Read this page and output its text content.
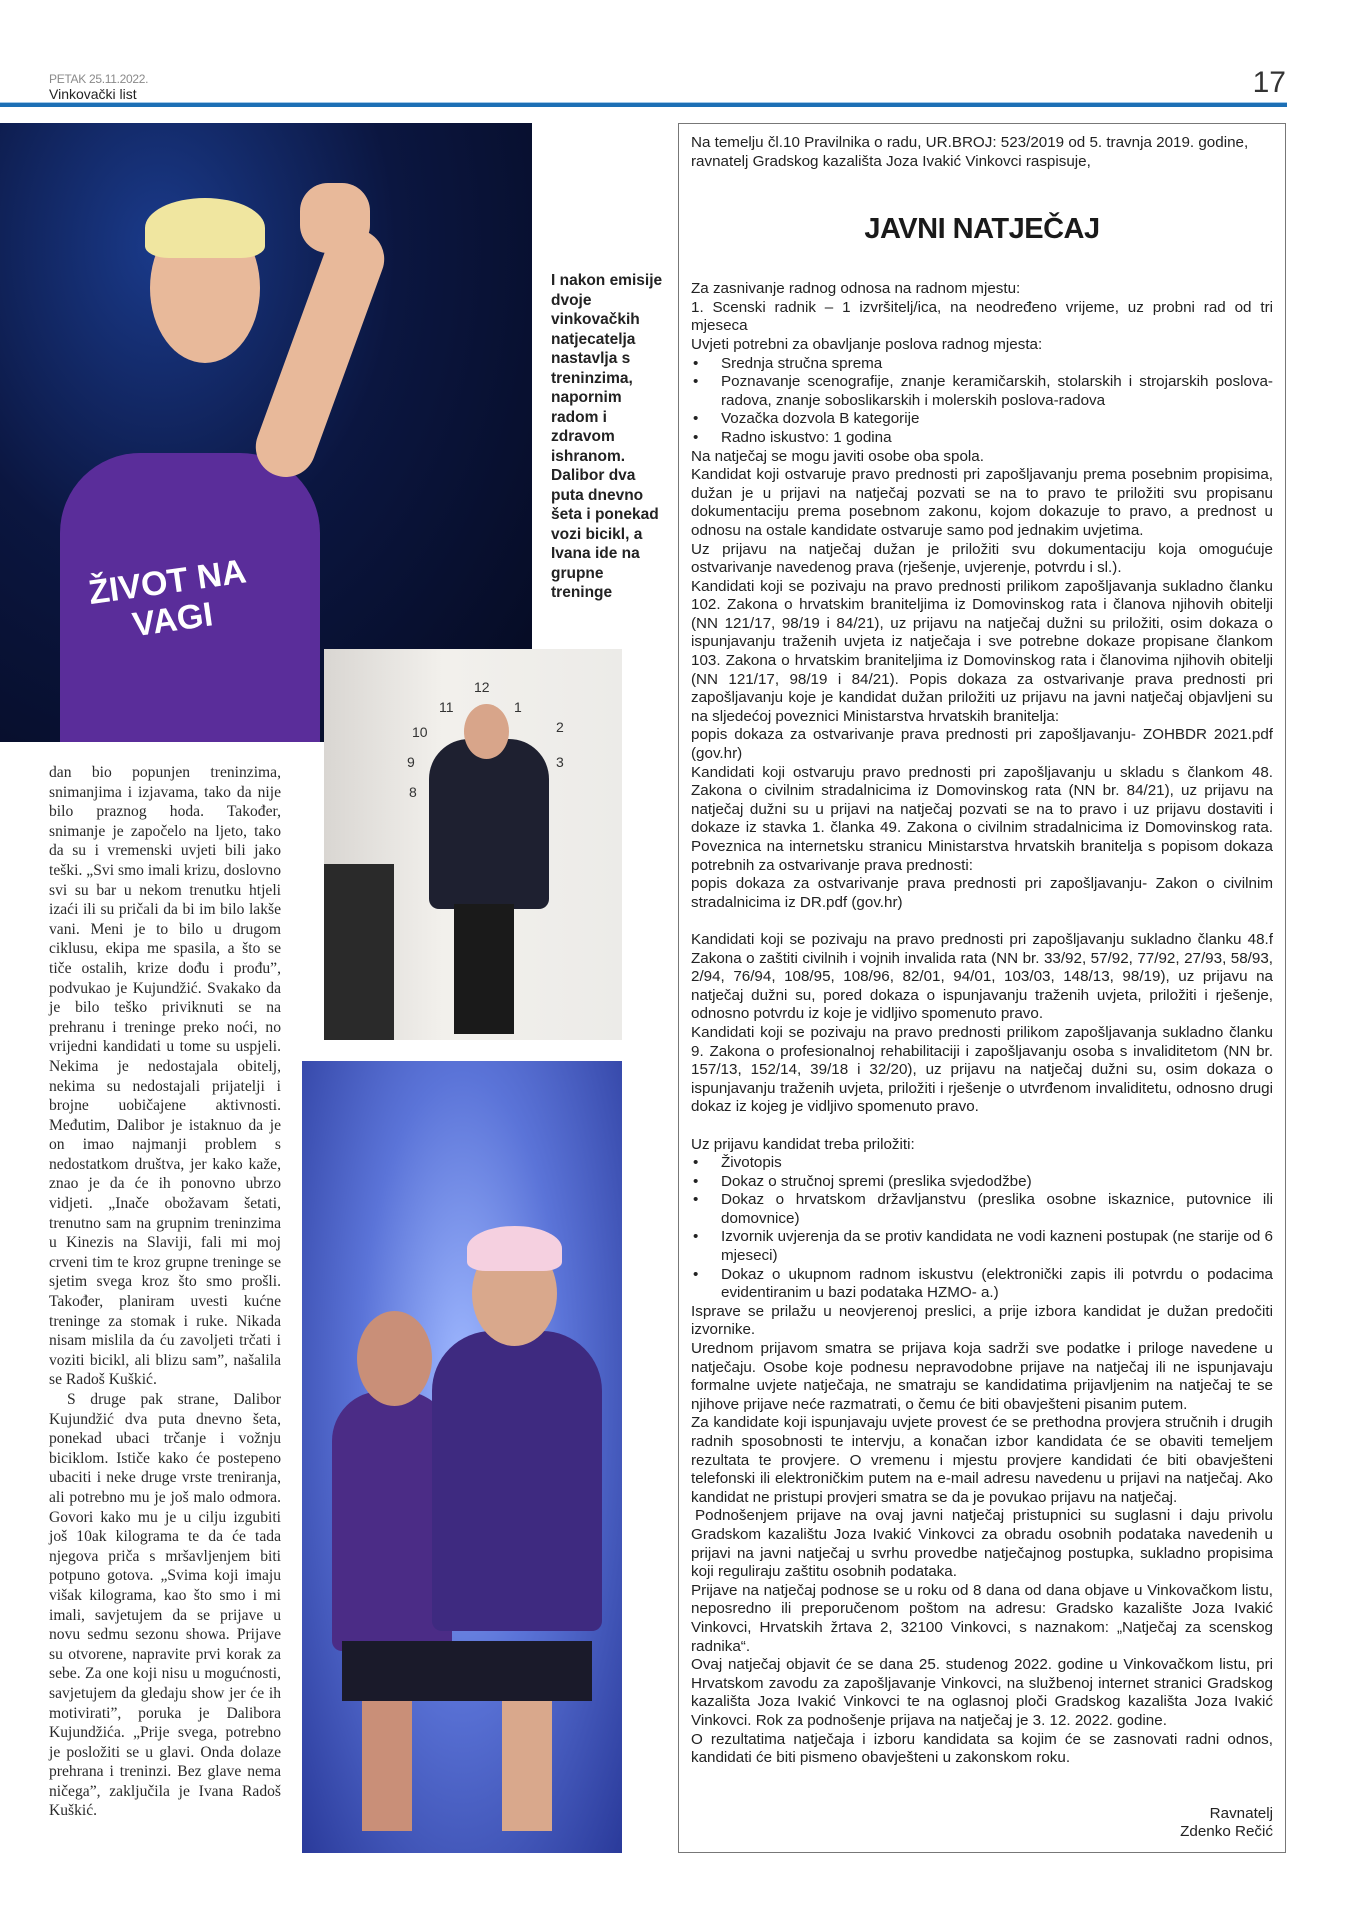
PETAK 25.11.2022.
Vinkovački list	17
ŽIVOT NA VAGI
I nakon emisije dvoje vinkovačkih natjecatelja nastavlja s treninzima, napornim radom i zdravom ishranom. Dalibor dva puta dnevno šeta i ponekad vozi bicikl, a Ivana ide na grupne treninge
12
1
2
3
8
9
10
11

dan bio popunjen treninzima, snimanjima i izjavama, tako da nije bilo praznog hoda. Također, snimanje je započelo na ljeto, tako da su i vremenski uvjeti bili jako teški. „Svi smo imali krizu, doslovno svi su bar u nekom trenutku htjeli izaći ili su pričali da bi im bilo lakše vani. Meni je to bilo u drugom ciklusu, ekipa me spasila, a što se tiče ostalih, krize dođu i prođu”, podvukao je Kujundžić. Svakako da je bilo teško priviknuti se na prehranu i treninge preko noći, no vrijedni kandidati u tome su uspjeli. Nekima je nedostajala obitelj, nekima su nedostajali prijatelji i brojne uobičajene aktivnosti. Međutim, Dalibor je istaknuo da je on imao najmanji problem s nedostatkom društva, jer kako kaže, znao je da će ih ponovno ubrzo vidjeti. „Inače obožavam šetati, trenutno sam na grupnim treninzima u Kinezis na Slaviji, fali mi moj crveni tim te kroz grupne treninge se sjetim svega kroz što smo prošli. Također, planiram uvesti kućne treninge za stomak i ruke. Nikada nisam mislila da ću zavoljeti trčati i voziti bicikl, ali blizu sam”, našalila se Radoš Kuškić.

S druge pak strane, Dalibor Kujundžić dva puta dnevno šeta, ponekad ubaci trčanje i vožnju biciklom. Ističe kako će postepeno ubaciti i neke druge vrste treniranja, ali potrebno mu je još malo odmora. Govori kako mu je u cilju izgubiti još 10ak kilograma te da će tada njegova priča s mršavljenjem biti potpuno gotova. „Svima koji imaju višak kilograma, kao što smo i mi imali, savjetujem da se prijave u novu sedmu sezonu showa. Prijave su otvorene, napravite prvi korak za sebe. Za one koji nisu u mogućnosti, savjetujem da gledaju show jer će ih motivirati”, poruka je Dalibora Kujundžića. „Prije svega, potrebno je posložiti se u glavi. Onda dolaze prehrana i treninzi. Bez glave nema ničega”, zaključila je Ivana Radoš Kuškić.

Na temelju čl.10 Pravilnika o radu, UR.BROJ: 523/2019 od 5. travnja 2019. godine, ravnatelj Gradskog kazališta Joza Ivakić Vinkovci raspisuje,

JAVNI NATJEČAJ

Za zasnivanje radnog odnosa na radnom mjestu:

1. Scenski radnik – 1 izvršitelj/ica, na neodređeno vrijeme, uz probni rad od tri mjeseca

Uvjeti potrebni za obavljanje poslova radnog mjesta:

• Srednja stručna sprema
• Poznavanje scenografije, znanje keramičarskih, stolarskih i strojarskih poslova-radova, znanje soboslikarskih i molerskih poslova-radova
• Vozačka dozvola B kategorije
• Radno iskustvo: 1 godina

Na natječaj se mogu javiti osobe oba spola.

Kandidat koji ostvaruje pravo prednosti pri zapošljavanju prema posebnim propisima, dužan je u prijavi na natječaj pozvati se na to pravo te priložiti svu propisanu dokumentaciju prema posebnom zakonu, kojom dokazuje to pravo, a prednost u odnosu na ostale kandidate ostvaruje samo pod jednakim uvjetima.

Uz prijavu na natječaj dužan je priložiti svu dokumentaciju koja omogućuje ostvarivanje navedenog prava (rješenje, uvjerenje, potvrdu i sl.).

Kandidati koji se pozivaju na pravo prednosti prilikom zapošljavanja sukladno članku 102. Zakona o hrvatskim braniteljima iz Domovinskog rata i članova njihovih obitelji (NN 121/17, 98/19 i 84/21), uz prijavu na natječaj dužni su priložiti, osim dokaza o ispunjavanju traženih uvjeta iz natječaja i sve potrebne dokaze propisane člankom 103. Zakona o hrvatskim braniteljima iz Domovinskog rata i članovima njihovih obitelji (NN 121/17, 98/19 i 84/21). Popis dokaza za ostvarivanje prava prednosti pri zapošljavanju koje je kandidat dužan priložiti uz prijavu na javni natječaj objavljeni su na sljedećoj poveznici Ministarstva hrvatskih branitelja:

popis dokaza za ostvarivanje prava prednosti pri zapošljavanju- ZOHBDR 2021.pdf (gov.hr)

Kandidati koji ostvaruju pravo prednosti pri zapošljavanju u skladu s člankom 48. Zakona o civilnim stradalnicima iz Domovinskog rata (NN br. 84/21), uz prijavu na natječaj dužni su u prijavi na natječaj pozvati se na to pravo i uz prijavu dostaviti i dokaze iz stavka 1. članka 49. Zakona o civilnim stradalnicima iz Domovinskog rata. Poveznica na internetsku stranicu Ministarstva hrvatskih branitelja s popisom dokaza potrebnih za ostvarivanje prava prednosti:

popis dokaza za ostvarivanje prava prednosti pri zapošljavanju- Zakon o civilnim stradalnicima iz DR.pdf (gov.hr)

Kandidati koji se pozivaju na pravo prednosti pri zapošljavanju sukladno članku 48.f Zakona o zaštiti civilnih i vojnih invalida rata (NN br. 33/92, 57/92, 77/92, 27/93, 58/93, 2/94, 76/94, 108/95, 108/96, 82/01, 94/01, 103/03, 148/13, 98/19), uz prijavu na natječaj dužni su, pored dokaza o ispunjavanju traženih uvjeta, priložiti i rješenje, odnosno potvrdu iz koje je vidljivo spomenuto pravo.

Kandidati koji se pozivaju na pravo prednosti prilikom zapošljavanja sukladno članku 9. Zakona o profesionalnoj rehabilitaciji i zapošljavanju osoba s invaliditetom (NN br. 157/13, 152/14, 39/18 i 32/20), uz prijavu na natječaj dužni su, osim dokaza o ispunjavanju traženih uvjeta, priložiti i rješenje o utvrđenom invaliditetu, odnosno drugi dokaz iz kojeg je vidljivo spomenuto pravo.

Uz prijavu kandidat treba priložiti:

• Životopis
• Dokaz o stručnoj spremi (preslika svjedodžbe)
• Dokaz o hrvatskom državljanstvu (preslika osobne iskaznice, putovnice ili domovnice)
• Izvornik uvjerenja da se protiv kandidata ne vodi kazneni postupak (ne starije od 6 mjeseci)
• Dokaz o ukupnom radnom iskustvu (elektronički zapis ili potvrdu o podacima evidentiranim u bazi podataka HZMO- a.)

Isprave se prilažu u neovjerenoj preslici, a prije izbora kandidat je dužan predočiti izvornike.

Urednom prijavom smatra se prijava koja sadrži sve podatke i priloge navedene u natječaju. Osobe koje podnesu nepravodobne prijave na natječaj ili ne ispunjavaju formalne uvjete natječaja, ne smatraju se kandidatima prijavljenim na natječaj te se njihove prijave neće razmatrati, o čemu će biti obavješteni pisanim putem.

Za kandidate koji ispunjavaju uvjete provest će se prethodna provjera stručnih i drugih radnih sposobnosti te intervju, a konačan izbor kandidata će se obaviti temeljem rezultata te provjere. O vremenu i mjestu provjere kandidati će biti obavješteni telefonski ili elektroničkim putem na e-mail adresu navedenu u prijavi na natječaj. Ako kandidat ne pristupi provjeri smatra se da je povukao prijavu na natječaj.

Podnošenjem prijave na ovaj javni natječaj pristupnici su suglasni i daju privolu Gradskom kazalištu Joza Ivakić Vinkovci za obradu osobnih podataka navedenih u prijavi na javni natječaj u svrhu provedbe natječajnog postupka, sukladno propisima koji reguliraju zaštitu osobnih podataka.

Prijave na natječaj podnose se u roku od 8 dana od dana objave u Vinkovačkom listu, neposredno ili preporučenom poštom na adresu: Gradsko kazalište Joza Ivakić Vinkovci, Hrvatskih žrtava 2, 32100 Vinkovci, s naznakom: „Natječaj za scenskog radnika“.

Ovaj natječaj objavit će se dana 25. studenog 2022. godine u Vinkovačkom listu, pri Hrvatskom zavodu za zapošljavanje Vinkovci, na službenoj internet stranici Gradskog kazališta Joza Ivakić Vinkovci te na oglasnoj ploči Gradskog kazališta Joza Ivakić Vinkovci. Rok za podnošenje prijava na natječaj je 3. 12. 2022. godine.

O rezultatima natječaja i izboru kandidata sa kojim će se zasnovati radni odnos, kandidati će biti pismeno obavješteni u zakonskom roku.

Ravnatelj
Zdenko Rečić
